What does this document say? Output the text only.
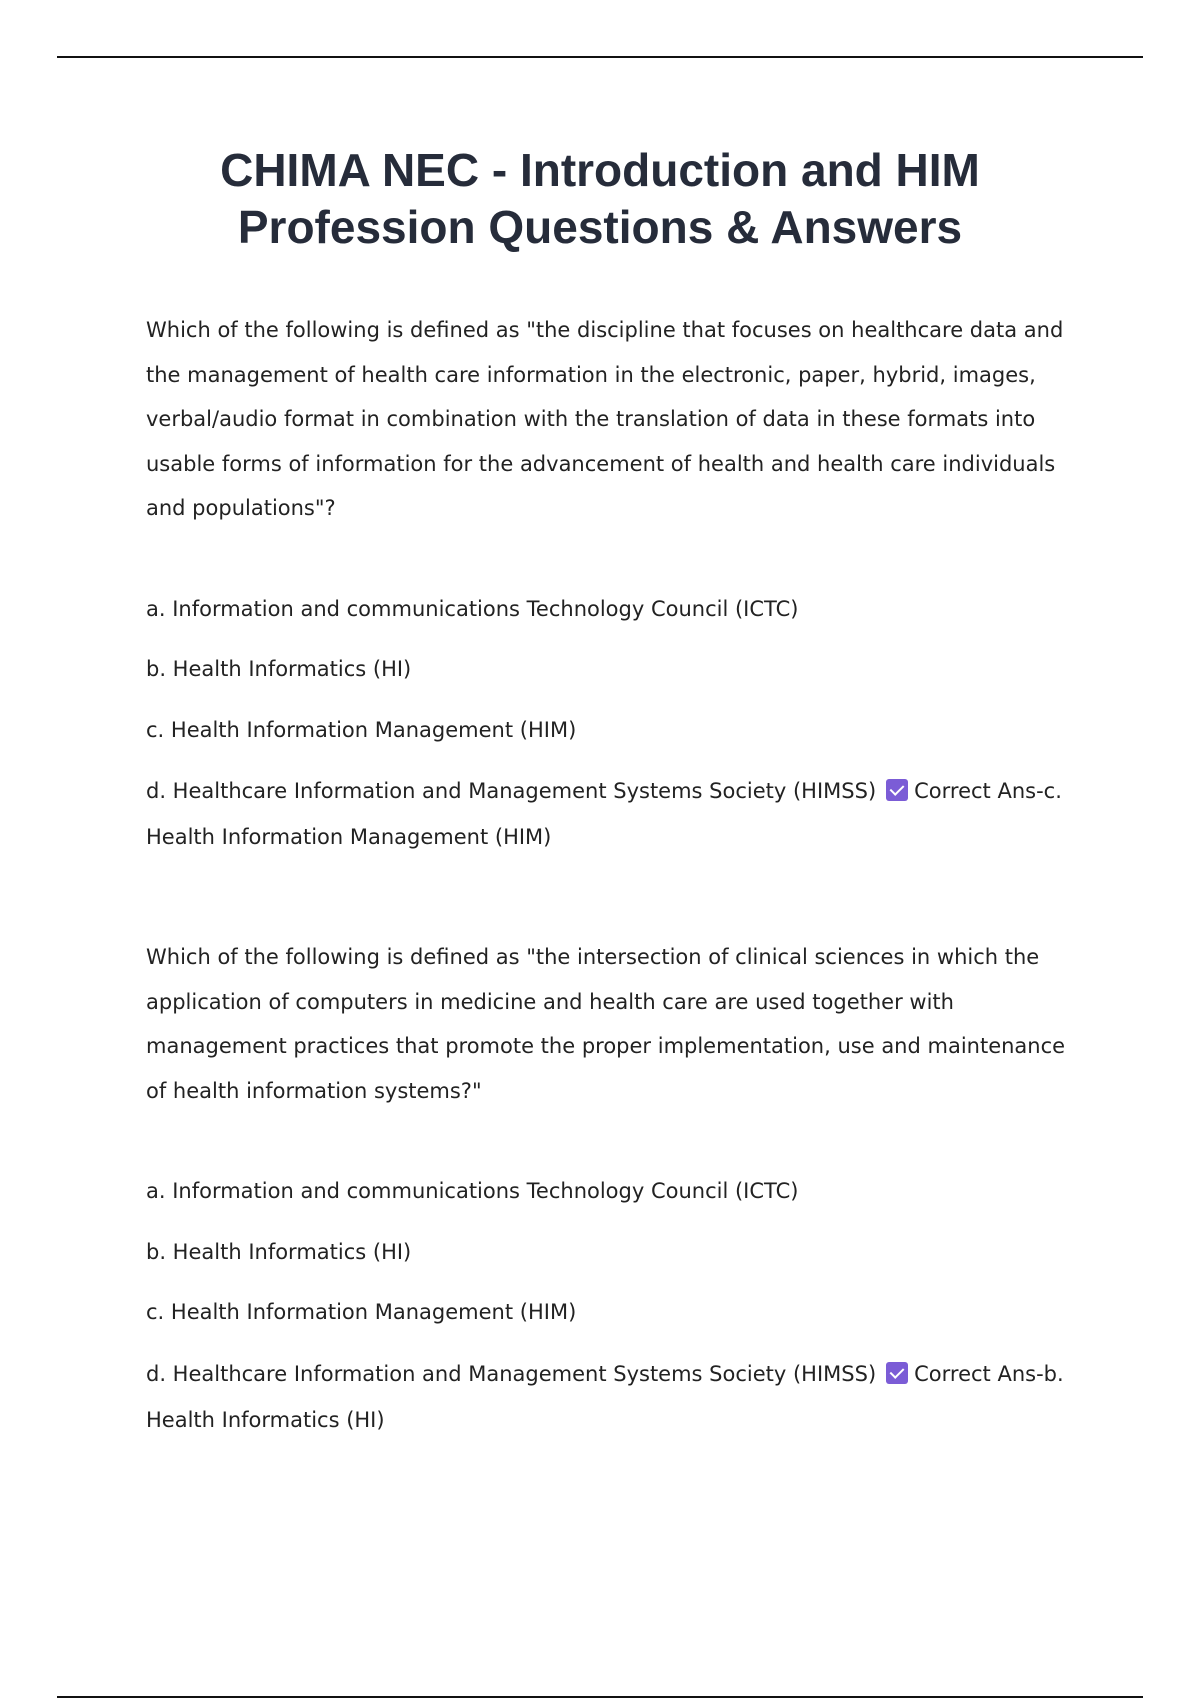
CHIMA NEC - Introduction and HIM Profession Questions & Answers

Which of the following is defined as "the discipline that focuses on healthcare data and the management of health care information in the electronic, paper, hybrid, images, verbal/audio format in combination with the translation of data in these formats into usable forms of information for the advancement of health and health care individuals and populations"?

a. Information and communications Technology Council (ICTC)

b. Health Informatics (HI)

c. Health Information Management (HIM)

d. Healthcare Information and Management Systems Society (HIMSS) Correct Ans-c. Health Information Management (HIM)

Which of the following is defined as "the intersection of clinical sciences in which the application of computers in medicine and health care are used together with management practices that promote the proper implementation, use and maintenance of health information systems?"

a. Information and communications Technology Council (ICTC)

b. Health Informatics (HI)

c. Health Information Management (HIM)

d. Healthcare Information and Management Systems Society (HIMSS) Correct Ans-b. Health Informatics (HI)
